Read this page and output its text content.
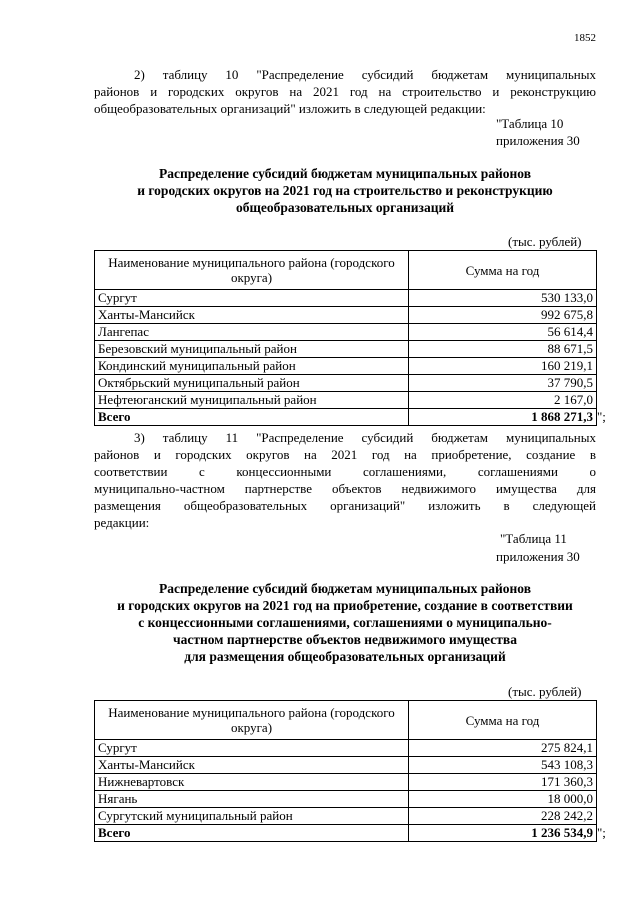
1852

2) таблицу 10 "Распределение субсидий бюджетам муниципальных
районов и городских округов на 2021 год на строительство и реконструкцию
общеобразовательных организаций" изложить в следующей редакции:

"Таблица 10
приложения 30
Распределение субсидий бюджетам муниципальных районов
и городских округов на 2021 год на строительство и реконструкцию
общеобразовательных организаций
(тыс. рублей)
Наименование муниципального района (городского округа)	Сумма на год
Сургут	530 133,0
Ханты-Мансийск	992 675,8
Лангепас	56 614,4
Березовский муниципальный район	88 671,5
Кондинский муниципальный район	160 219,1
Октябрьский муниципальный район	37 790,5
Нефтеюганский муниципальный район	2 167,0
Всего	1 868 271,3 ";

3) таблицу 11 "Распределение субсидий бюджетам муниципальных
районов и городских округов на 2021 год на приобретение, создание в
соответствии с концессионными соглашениями, соглашениями о
муниципально-частном партнерстве объектов недвижимого имущества для
размещения общеобразовательных организаций" изложить в следующей
редакции:

"Таблица 11
приложения 30
Распределение субсидий бюджетам муниципальных районов
и городских округов на 2021 год на приобретение, создание в соответствии
с концессионными соглашениями, соглашениями о муниципально-
частном партнерстве объектов недвижимого имущества
для размещения общеобразовательных организаций
(тыс. рублей)
Наименование муниципального района (городского округа)	Сумма на год
Сургут	275 824,1
Ханты-Мансийск	543 108,3
Нижневартовск	171 360,3
Нягань	18 000,0
Сургутский муниципальный район	228 242,2
Всего	1 236 534,9 ";
